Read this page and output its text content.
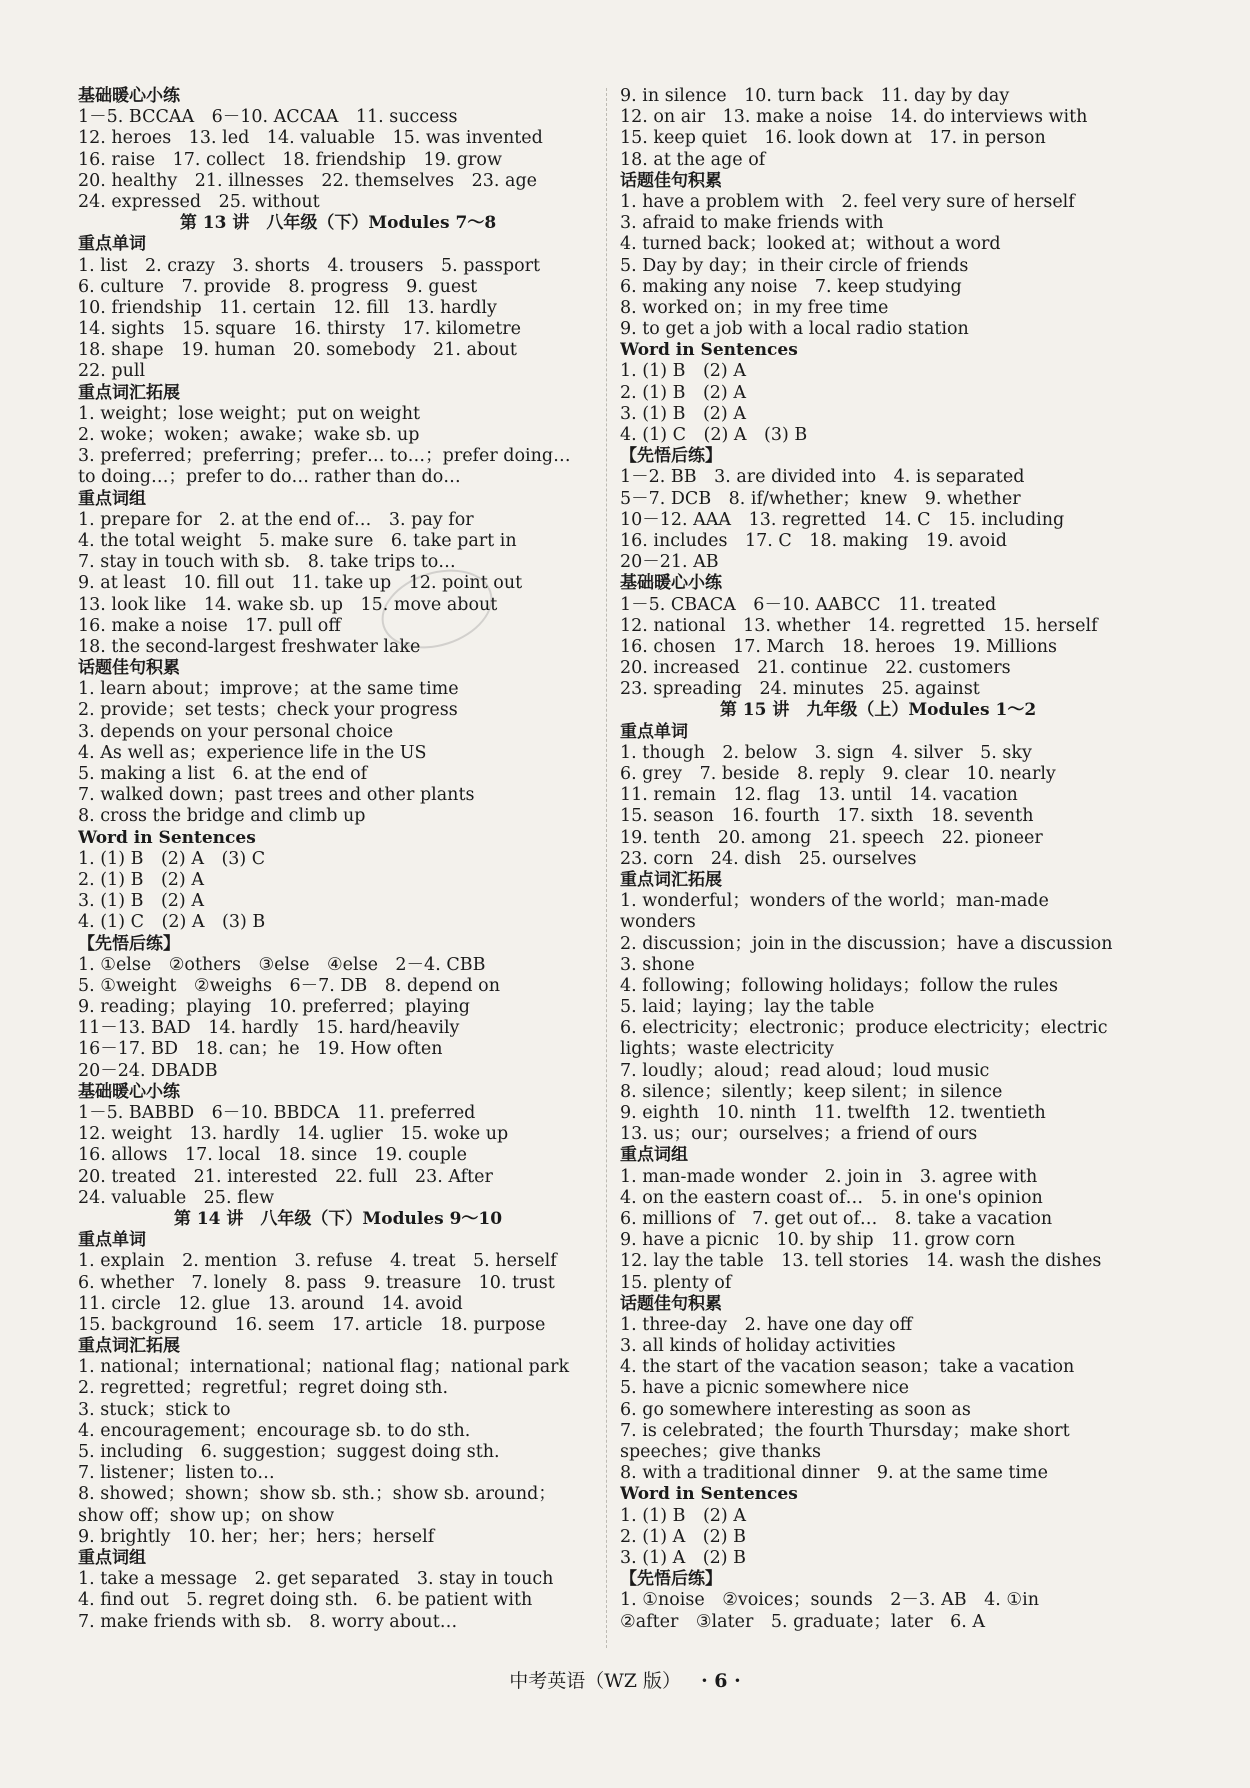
基础暖心小练
1－5. BCCAA　6－10. ACCAA　11. success
12. heroes　13. led　14. valuable　15. was invented
16. raise　17. collect　18. friendship　19. grow
20. healthy　21. illnesses　22. themselves　23. age
24. expressed　25. without
第 13 讲　八年级（下）Modules 7～8
重点单词
1. list　2. crazy　3. shorts　4. trousers　5. passport
6. culture　7. provide　8. progress　9. guest
10. friendship　11. certain　12. fill　13. hardly
14. sights　15. square　16. thirsty　17. kilometre
18. shape　19. human　20. somebody　21. about
22. pull
重点词汇拓展
1. weight；lose weight；put on weight
2. woke；woken；awake；wake sb. up
3. preferred；preferring；prefer… to…；prefer doing…
to doing…；prefer to do… rather than do…
重点词组
1. prepare for　2. at the end of…　3. pay for
4. the total weight　5. make sure　6. take part in
7. stay in touch with sb.　8. take trips to…
9. at least　10. fill out　11. take up　12. point out
13. look like　14. wake sb. up　15. move about
16. make a noise　17. pull off
18. the second-largest freshwater lake
话题佳句积累
1. learn about；improve；at the same time
2. provide；set tests；check your progress
3. depends on your personal choice
4. As well as；experience life in the US
5. making a list　6. at the end of
7. walked down；past trees and other plants
8. cross the bridge and climb up
Word in Sentences
1. (1) B　(2) A　(3) C
2. (1) B　(2) A
3. (1) B　(2) A
4. (1) C　(2) A　(3) B
【先悟后练】
1. ①else　②others　③else　④else　2－4. CBB
5. ①weight　②weighs　6－7. DB　8. depend on
9. reading；playing　10. preferred；playing
11－13. BAD　14. hardly　15. hard/heavily
16－17. BD　18. can；he　19. How often
20－24. DBADB
基础暖心小练
1－5. BABBD　6－10. BBDCA　11. preferred
12. weight　13. hardly　14. uglier　15. woke up
16. allows　17. local　18. since　19. couple
20. treated　21. interested　22. full　23. After
24. valuable　25. flew
第 14 讲　八年级（下）Modules 9～10
重点单词
1. explain　2. mention　3. refuse　4. treat　5. herself
6. whether　7. lonely　8. pass　9. treasure　10. trust
11. circle　12. glue　13. around　14. avoid
15. background　16. seem　17. article　18. purpose
重点词汇拓展
1. national；international；national flag；national park
2. regretted；regretful；regret doing sth.
3. stuck；stick to
4. encouragement；encourage sb. to do sth.
5. including　6. suggestion；suggest doing sth.
7. listener；listen to…
8. showed；shown；show sb. sth.；show sb. around；
show off；show up；on show
9. brightly　10. her；her；hers；herself
重点词组
1. take a message　2. get separated　3. stay in touch
4. find out　5. regret doing sth.　6. be patient with
7. make friends with sb.　8. worry about…
9. in silence　10. turn back　11. day by day
12. on air　13. make a noise　14. do interviews with
15. keep quiet　16. look down at　17. in person
18. at the age of
话题佳句积累
1. have a problem with　2. feel very sure of herself
3. afraid to make friends with
4. turned back；looked at；without a word
5. Day by day；in their circle of friends
6. making any noise　7. keep studying
8. worked on；in my free time
9. to get a job with a local radio station
Word in Sentences
1. (1) B　(2) A
2. (1) B　(2) A
3. (1) B　(2) A
4. (1) C　(2) A　(3) B
【先悟后练】
1－2. BB　3. are divided into　4. is separated
5－7. DCB　8. if/whether；knew　9. whether
10－12. AAA　13. regretted　14. C　15. including
16. includes　17. C　18. making　19. avoid
20－21. AB
基础暖心小练
1－5. CBACA　6－10. AABCC　11. treated
12. national　13. whether　14. regretted　15. herself
16. chosen　17. March　18. heroes　19. Millions
20. increased　21. continue　22. customers
23. spreading　24. minutes　25. against
第 15 讲　九年级（上）Modules 1～2
重点单词
1. though　2. below　3. sign　4. silver　5. sky
6. grey　7. beside　8. reply　9. clear　10. nearly
11. remain　12. flag　13. until　14. vacation
15. season　16. fourth　17. sixth　18. seventh
19. tenth　20. among　21. speech　22. pioneer
23. corn　24. dish　25. ourselves
重点词汇拓展
1. wonderful；wonders of the world；man-made
wonders
2. discussion；join in the discussion；have a discussion
3. shone
4. following；following holidays；follow the rules
5. laid；laying；lay the table
6. electricity；electronic；produce electricity；electric
lights；waste electricity
7. loudly；aloud；read aloud；loud music
8. silence；silently；keep silent；in silence
9. eighth　10. ninth　11. twelfth　12. twentieth
13. us；our；ourselves；a friend of ours
重点词组
1. man-made wonder　2. join in　3. agree with
4. on the eastern coast of…　5. in one's opinion
6. millions of　7. get out of…　8. take a vacation
9. have a picnic　10. by ship　11. grow corn
12. lay the table　13. tell stories　14. wash the dishes
15. plenty of
话题佳句积累
1. three-day　2. have one day off
3. all kinds of holiday activities
4. the start of the vacation season；take a vacation
5. have a picnic somewhere nice
6. go somewhere interesting as soon as
7. is celebrated；the fourth Thursday；make short
speeches；give thanks
8. with a traditional dinner　9. at the same time
Word in Sentences
1. (1) B　(2) A
2. (1) A　(2) B
3. (1) A　(2) B
【先悟后练】
1. ①noise　②voices；sounds　2－3. AB　4. ①in
②after　③later　5. graduate；later　6. A
中考英语（WZ 版） · 6 ·
